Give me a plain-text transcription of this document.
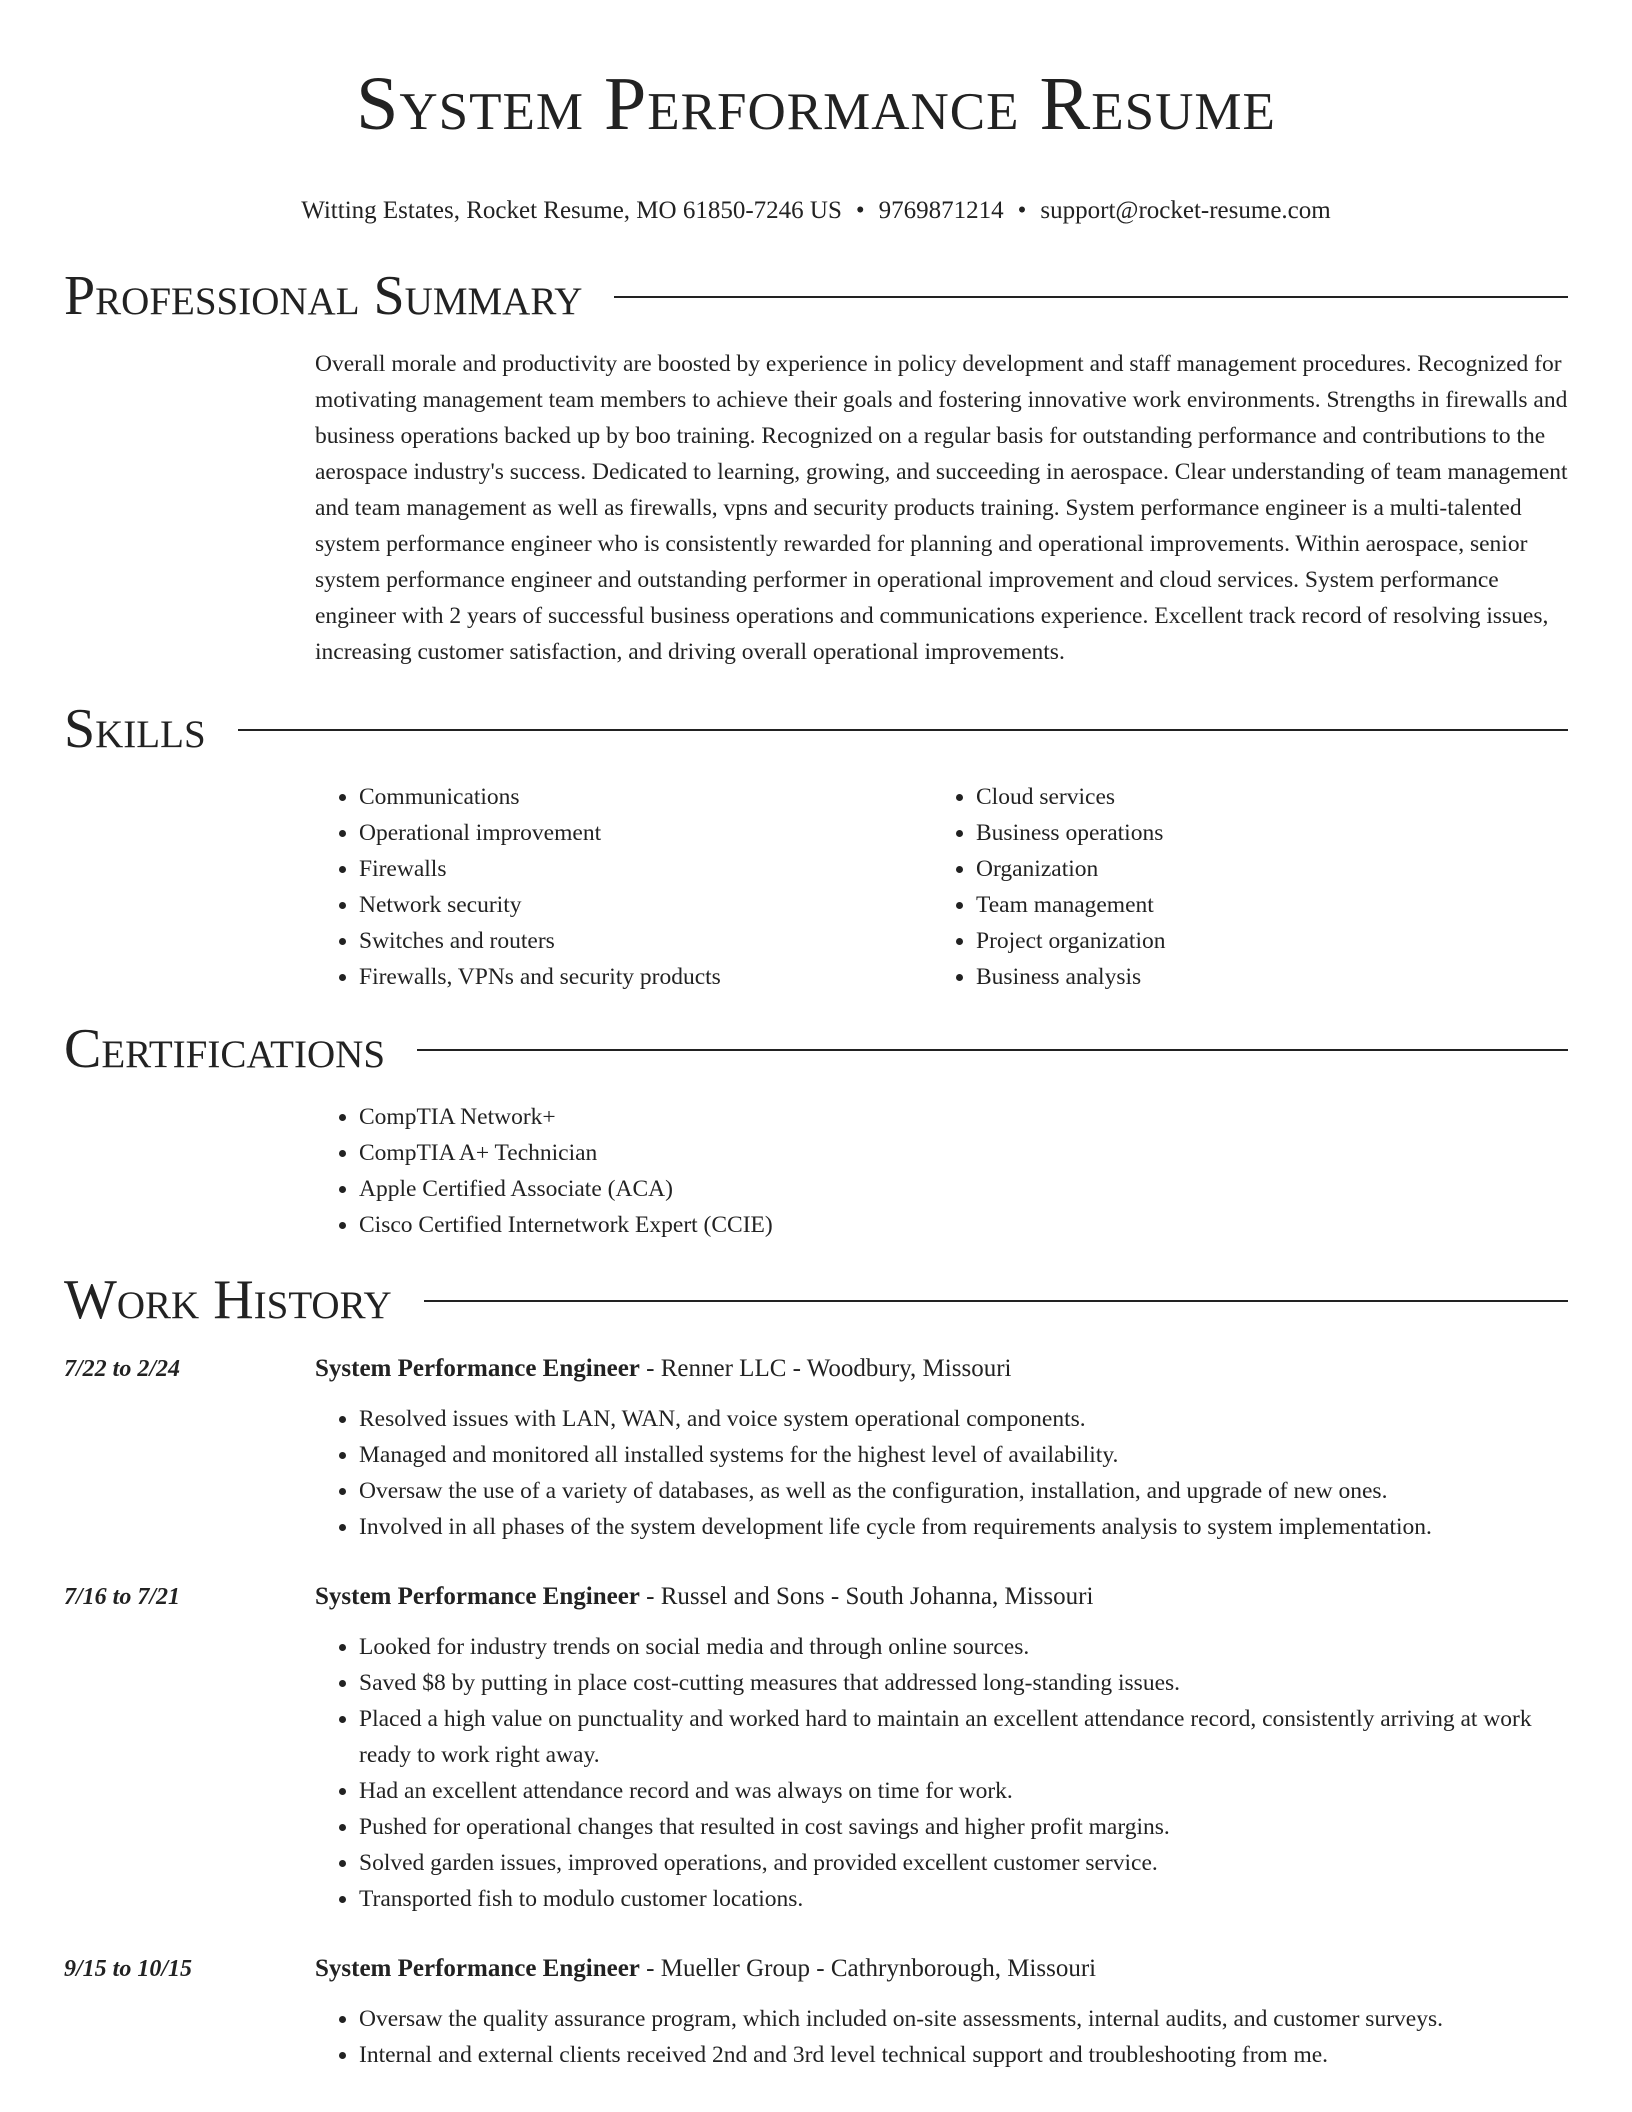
System Performance Resume
Witting Estates, Rocket Resume, MO 61850-7246 US • 9769871214 • support@rocket-resume.com
Professional Summary

Overall morale and productivity are boosted by experience in policy development and staff management procedures. Recognized for motivating management team members to achieve their goals and fostering innovative work environments. Strengths in firewalls and business operations backed up by boo training. Recognized on a regular basis for outstanding performance and contributions to the aerospace industry's success. Dedicated to learning, growing, and succeeding in aerospace. Clear understanding of team management and team management as well as firewalls, vpns and security products training. System performance engineer is a multi-talented system performance engineer who is consistently rewarded for planning and operational improvements. Within aerospace, senior system performance engineer and outstanding performer in operational improvement and cloud services. System performance engineer with 2 years of successful business operations and communications experience. Excellent track record of resolving issues, increasing customer satisfaction, and driving overall operational improvements.

Skills
• Communications
• Operational improvement
• Firewalls
• Network security
• Switches and routers
• Firewalls, VPNs and security products
• Cloud services
• Business operations
• Organization
• Team management
• Project organization
• Business analysis
Certifications
• CompTIA Network+
• CompTIA A+ Technician
• Apple Certified Associate (ACA)
• Cisco Certified Internetwork Expert (CCIE)
Work History
7/22 to 2/24	System Performance Engineer - Renner LLC - Woodbury, Missouri
• Resolved issues with LAN, WAN, and voice system operational components.
• Managed and monitored all installed systems for the highest level of availability.
• Oversaw the use of a variety of databases, as well as the configuration, installation, and upgrade of new ones.
• Involved in all phases of the system development life cycle from requirements analysis to system implementation.
7/16 to 7/21	System Performance Engineer - Russel and Sons - South Johanna, Missouri
• Looked for industry trends on social media and through online sources.
• Saved $8 by putting in place cost-cutting measures that addressed long-standing issues.
• Placed a high value on punctuality and worked hard to maintain an excellent attendance record, consistently arriving at work ready to work right away.
• Had an excellent attendance record and was always on time for work.
• Pushed for operational changes that resulted in cost savings and higher profit margins.
• Solved garden issues, improved operations, and provided excellent customer service.
• Transported fish to modulo customer locations.
9/15 to 10/15	System Performance Engineer - Mueller Group - Cathrynborough, Missouri
• Oversaw the quality assurance program, which included on-site assessments, internal audits, and customer surveys.
• Internal and external clients received 2nd and 3rd level technical support and troubleshooting from me.
